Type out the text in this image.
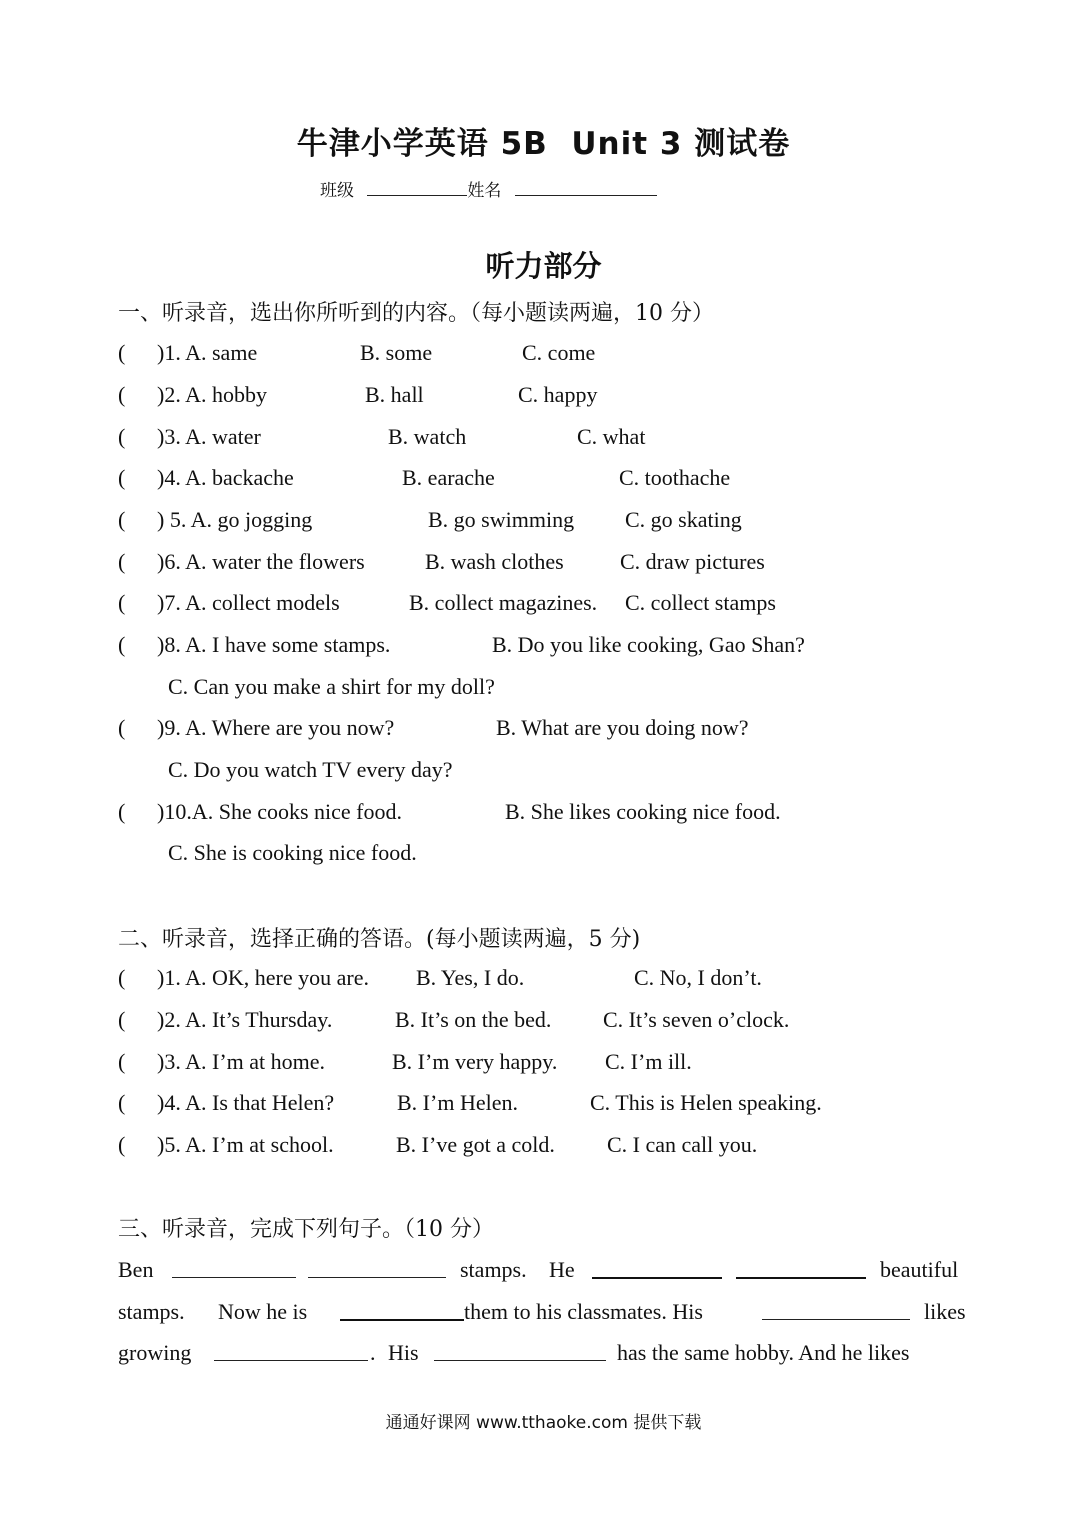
牛津小学英语 5B  Unit 3 测试卷
班级	姓名
听力部分
一、听录音，选出你所听到的内容。（每小题读两遍，10 分）
( )1. A. same	B. some	C. come
( )2. A. hobby	B. hall	C. happy
( )3. A. water	B. watch	C. what
( )4. A. backache	B. earache	C. toothache
( ) 5. A. go jogging	B. go swimming C. go skating
( )6. A. water the flowers	B. wash clothes	C. draw pictures
( )7. A. collect models	B. collect magazines. C. collect stamps
( )8. A. I have some stamps.	B. Do you like cooking, Gao Shan?
C. Can you make a shirt for my doll?
( )9. A. Where are you now?	B. What are you doing now?
C. Do you watch TV every day?
( )10.A. She cooks nice food.	B. She likes cooking nice food.
C. She is cooking nice food.
二、听录音，选择正确的答语。(每小题读两遍，5 分)
( )1. A. OK, here you are. B. Yes, I do.	C. No, I don’t.
( )2. A. It’s Thursday.	B. It’s on the bed. C. It’s seven o’clock.
( )3. A. I’m at home.	B. I’m very happy. C. I’m ill.
( )4. A. Is that Helen?	B. I’m Helen.	C. This is Helen speaking.
( )5. A. I’m at school.	B. I’ve got a cold. C. I can call you.
三、听录音，完成下列句子。（10 分）
Ben	stamps. He	beautiful
stamps. Now he is	them to his classmates. His	likes
growing	. His	has the same hobby. And he likes
通通好课网 www.tthaoke.com 提供下载
